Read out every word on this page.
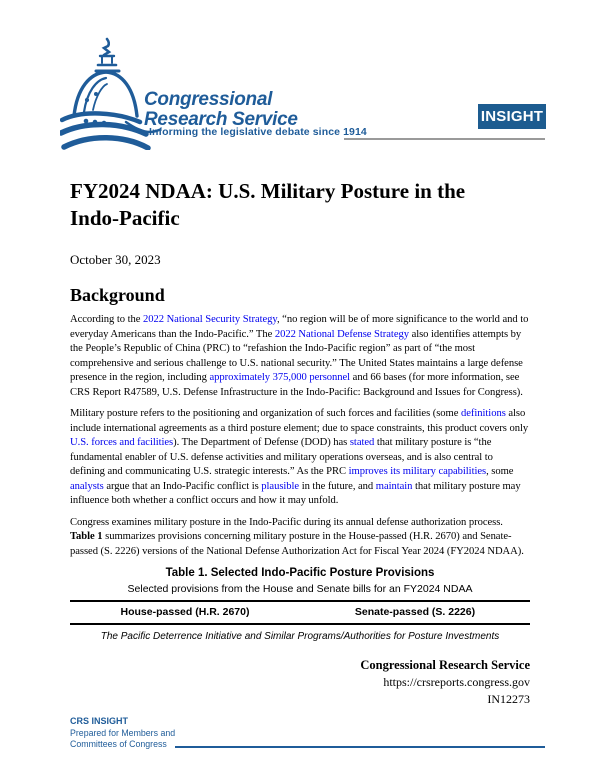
Congressional
Research Service
Informing the legislative debate since 1914
INSIGHT
FY2024 NDAA: U.S. Military Posture in the
Indo-Pacific
October 30, 2023
Background

According to the 2022 National Security Strategy, “no region will be of more significance to the world and to everyday Americans than the Indo-Pacific.” The 2022 National Defense Strategy also identifies attempts by the People’s Republic of China (PRC) to “refashion the Indo-Pacific region” as part of “the most comprehensive and serious challenge to U.S. national security.” The United States maintains a large defense presence in the region, including approximately 375,000 personnel and 66 bases (for more information, see CRS Report R47589, U.S. Defense Infrastructure in the Indo-Pacific: Background and Issues for Congress).

Military posture refers to the positioning and organization of such forces and facilities (some definitions also include international agreements as a third posture element; due to space constraints, this product covers only U.S. forces and facilities). The Department of Defense (DOD) has stated that military posture is “the fundamental enabler of U.S. defense activities and military operations overseas, and is also central to defining and communicating U.S. strategic interests.” As the PRC improves its military capabilities, some analysts argue that an Indo-Pacific conflict is plausible in the future, and maintain that military posture may influence both whether a conflict occurs and how it may unfold.

Congress examines military posture in the Indo-Pacific during its annual defense authorization process. Table 1 summarizes provisions concerning military posture in the House-passed (H.R. 2670) and Senate-passed (S. 2226) versions of the National Defense Authorization Act for Fiscal Year 2024 (FY2024 NDAA).

Table 1. Selected Indo-Pacific Posture Provisions
Selected provisions from the House and Senate bills for an FY2024 NDAA
House-passed (H.R. 2670)	Senate-passed (S. 2226)
The Pacific Deterrence Initiative and Similar Programs/Authorities for Posture Investments
Congressional Research Service
https://crsreports.congress.gov
IN12273
CRS INSIGHT
Prepared for Members and
Committees of Congress
